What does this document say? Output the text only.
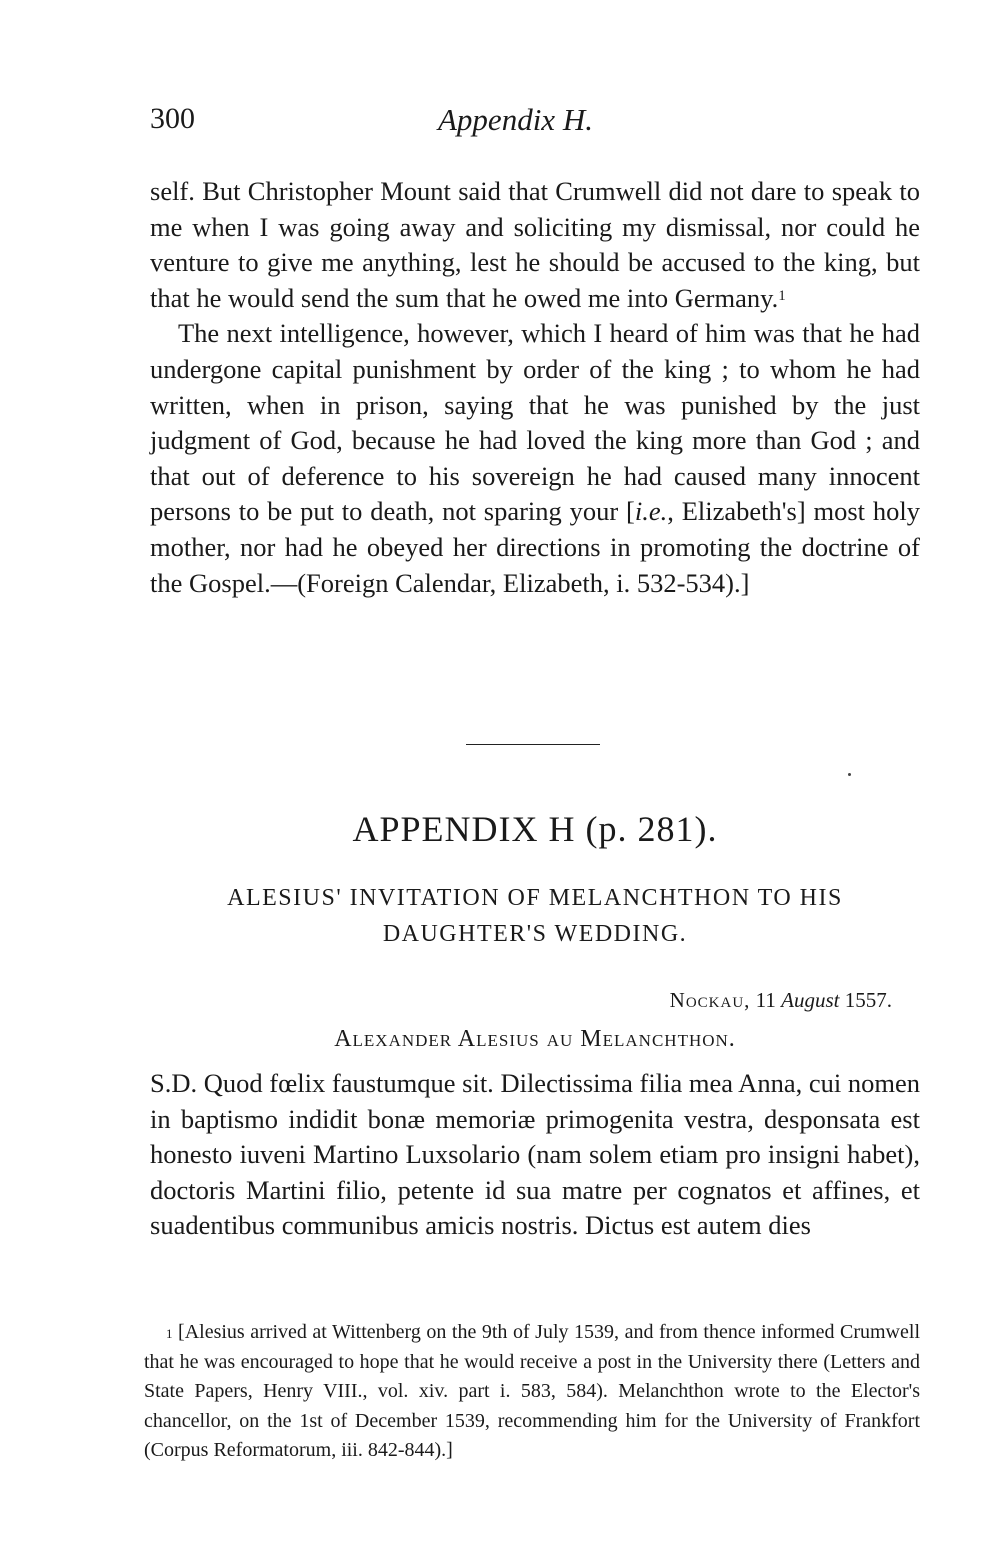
300	Appendix H.

self. But Christopher Mount said that Crumwell did not dare to speak to me when I was going away and soliciting my dismissal, nor could he venture to give me anything, lest he should be accused to the king, but that he would send the sum that he owed me into Germany.$^1$

The next intelligence, however, which I heard of him was that he had undergone capital punishment by order of the king ; to whom he had written, when in prison, saying that he was punished by the just judgment of God, because he had loved the king more than God ; and that out of deference to his sovereign he had caused many innocent persons to be put to death, not sparing your [i.e., Elizabeth's] most holy mother, nor had he obeyed her directions in promoting the doctrine of the Gospel.—(Foreign Calendar, Elizabeth, i. 532-534).]

APPENDIX H (p. 281).
ALESIUS' INVITATION OF MELANCHTHON TO HIS DAUGHTER'S WEDDING.
Nockau, 11 August 1557.
Alexander Alesius au Melanchthon.

S.D. Quod fœlix faustumque sit. Dilectissima filia mea Anna, cui nomen in baptismo indidit bonæ memoriæ primogenita vestra, desponsata est honesto iuveni Martino Luxsolario (nam solem etiam pro insigni habet), doctoris Martini filio, petente id sua matre per cognatos et affines, et suadentibus communibus amicis nostris. Dictus est autem dies

$^1$ [Alesius arrived at Wittenberg on the 9th of July 1539, and from thence informed Crumwell that he was encouraged to hope that he would receive a post in the University there (Letters and State Papers, Henry VIII., vol. xiv. part i. 583, 584). Melanchthon wrote to the Elector's chancellor, on the 1st of December 1539, recommending him for the University of Frankfort (Corpus Reformatorum, iii. 842-844).]
